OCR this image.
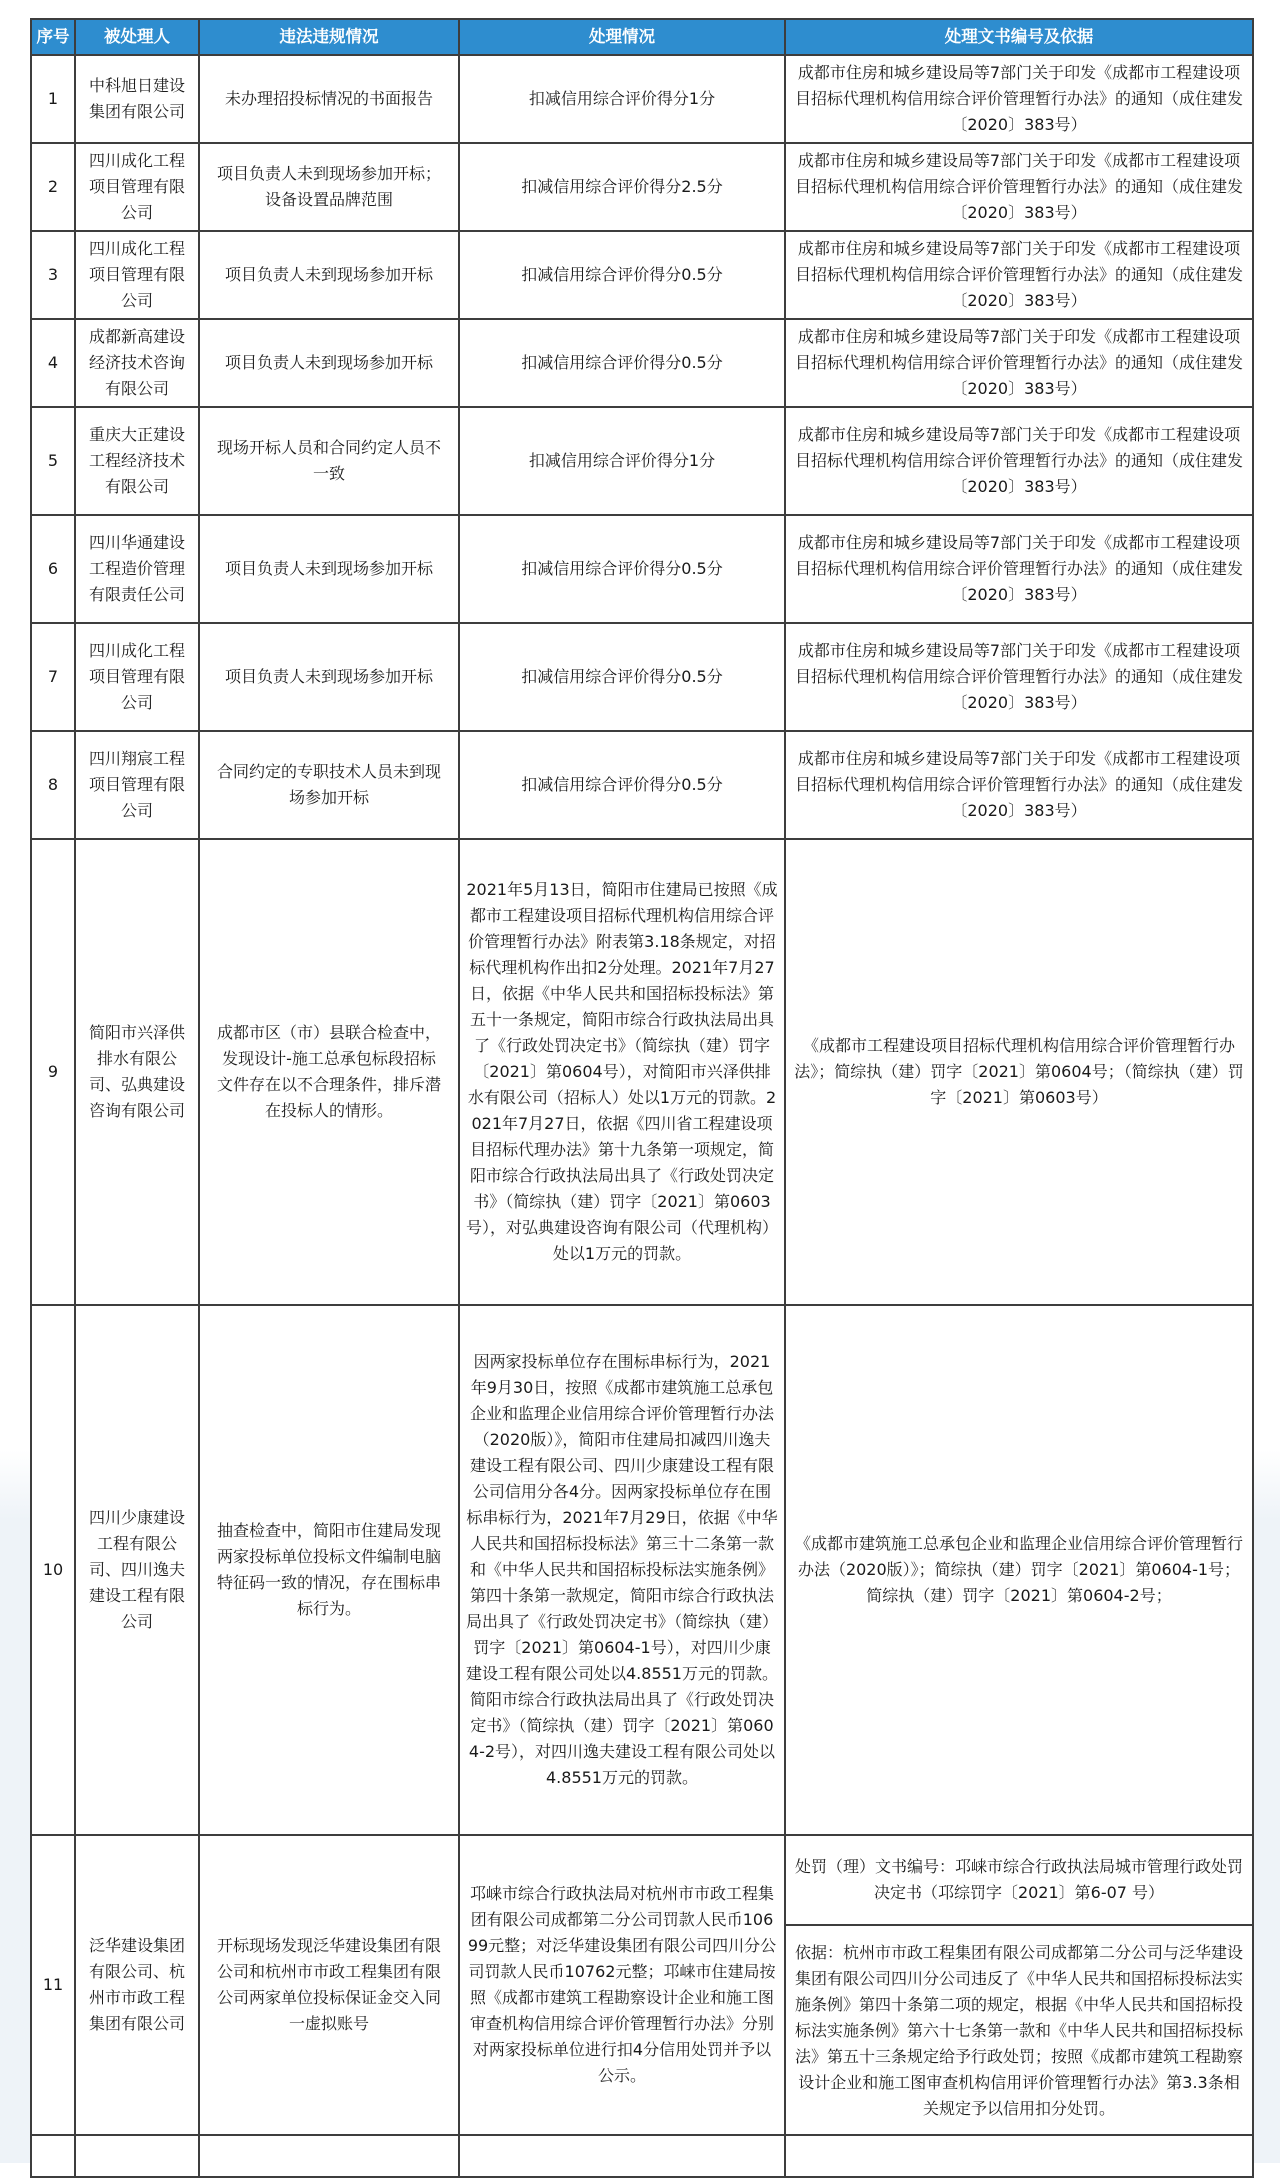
序号	被处理人	违法违规情况	处理情况	处理文书编号及依据
1	中科旭日建设集团有限公司	未办理招投标情况的书面报告	扣减信用综合评价得分1分	成都市住房和城乡建设局等7部门关于印发《成都市工程建设项目招标代理机构信用综合评价管理暂行办法》的通知（成住建发〔2020〕383号）
2	四川成化工程项目管理有限公司	项目负责人未到现场参加开标；设备设置品牌范围	扣减信用综合评价得分2.5分	成都市住房和城乡建设局等7部门关于印发《成都市工程建设项目招标代理机构信用综合评价管理暂行办法》的通知（成住建发〔2020〕383号）
3	四川成化工程项目管理有限公司	项目负责人未到现场参加开标	扣减信用综合评价得分0.5分	成都市住房和城乡建设局等7部门关于印发《成都市工程建设项目招标代理机构信用综合评价管理暂行办法》的通知（成住建发〔2020〕383号）
4	成都新高建设经济技术咨询有限公司	项目负责人未到现场参加开标	扣减信用综合评价得分0.5分	成都市住房和城乡建设局等7部门关于印发《成都市工程建设项目招标代理机构信用综合评价管理暂行办法》的通知（成住建发〔2020〕383号）
5	重庆大正建设工程经济技术有限公司	现场开标人员和合同约定人员不一致	扣减信用综合评价得分1分	成都市住房和城乡建设局等7部门关于印发《成都市工程建设项目招标代理机构信用综合评价管理暂行办法》的通知（成住建发〔2020〕383号）
6	四川华通建设工程造价管理有限责任公司	项目负责人未到现场参加开标	扣减信用综合评价得分0.5分	成都市住房和城乡建设局等7部门关于印发《成都市工程建设项目招标代理机构信用综合评价管理暂行办法》的通知（成住建发〔2020〕383号）
7	四川成化工程项目管理有限公司	项目负责人未到现场参加开标	扣减信用综合评价得分0.5分	成都市住房和城乡建设局等7部门关于印发《成都市工程建设项目招标代理机构信用综合评价管理暂行办法》的通知（成住建发〔2020〕383号）
8	四川翔宸工程项目管理有限公司	合同约定的专职技术人员未到现场参加开标	扣减信用综合评价得分0.5分	成都市住房和城乡建设局等7部门关于印发《成都市工程建设项目招标代理机构信用综合评价管理暂行办法》的通知（成住建发〔2020〕383号）
9	简阳市兴泽供排水有限公司、弘典建设咨询有限公司	成都市区（市）县联合检查中，发现设计-施工总承包标段招标文件存在以不合理条件，排斥潜在投标人的情形。	2021年5月13日，简阳市住建局已按照《成都市工程建设项目招标代理机构信用综合评价管理暂行办法》附表第3.18条规定，对招标代理机构作出扣2分处理。2021年7月27日，依据《中华人民共和国招标投标法》第五十一条规定，简阳市综合行政执法局出具了《行政处罚决定书》（简综执（建）罚字〔2021〕第0604号），对简阳市兴泽供排水有限公司（招标人）处以1万元的罚款。2021年7月27日，依据《四川省工程建设项目招标代理办法》第十九条第一项规定，简阳市综合行政执法局出具了《行政处罚决定书》（简综执（建）罚字〔2021〕第0603号），对弘典建设咨询有限公司（代理机构）处以1万元的罚款。	《成都市工程建设项目招标代理机构信用综合评价管理暂行办法》；简综执（建）罚字〔2021〕第0604号；（简综执（建）罚字〔2021〕第0603号）
10	四川少康建设工程有限公司、四川逸夫建设工程有限公司	抽查检查中，简阳市住建局发现两家投标单位投标文件编制电脑特征码一致的情况，存在围标串标行为。	因两家投标单位存在围标串标行为，2021年9月30日，按照《成都市建筑施工总承包企业和监理企业信用综合评价管理暂行办法（2020版）》，简阳市住建局扣减四川逸夫建设工程有限公司、四川少康建设工程有限公司信用分各4分。因两家投标单位存在围标串标行为，2021年7月29日，依据《中华人民共和国招标投标法》第三十二条第一款和《中华人民共和国招标投标法实施条例》第四十条第一款规定，简阳市综合行政执法局出具了《行政处罚决定书》（简综执（建）罚字〔2021〕第0604-1号），对四川少康建设工程有限公司处以4.8551万元的罚款。简阳市综合行政执法局出具了《行政处罚决定书》（简综执（建）罚字〔2021〕第0604-2号），对四川逸夫建设工程有限公司处以4.8551万元的罚款。	《成都市建筑施工总承包企业和监理企业信用综合评价管理暂行办法（2020版）》；简综执（建）罚字〔2021〕第0604-1号；简综执（建）罚字〔2021〕第0604-2号；
11	泛华建设集团有限公司、杭州市市政工程集团有限公司	开标现场发现泛华建设集团有限公司和杭州市市政工程集团有限公司两家单位投标保证金交入同一虚拟账号	邛崃市综合行政执法局对杭州市市政工程集团有限公司成都第二分公司罚款人民币10699元整；对泛华建设集团有限公司四川分公司罚款人民币10762元整；邛崃市住建局按照《成都市建筑工程勘察设计企业和施工图审查机构信用综合评价管理暂行办法》分别对两家投标单位进行扣4分信用处罚并予以公示。	处罚（理）文书编号：邛崃市综合行政执法局城市管理行政处罚决定书（邛综罚字〔2021〕第6-07 号）
依据：杭州市市政工程集团有限公司成都第二分公司与泛华建设集团有限公司四川分公司违反了《中华人民共和国招标投标法实施条例》第四十条第二项的规定，根据《中华人民共和国招标投标法实施条例》第六十七条第一款和《中华人民共和国招标投标法》第五十三条规定给予行政处罚；按照《成都市建筑工程勘察设计企业和施工图审查机构信用评价管理暂行办法》第3.3条相关规定予以信用扣分处罚。
